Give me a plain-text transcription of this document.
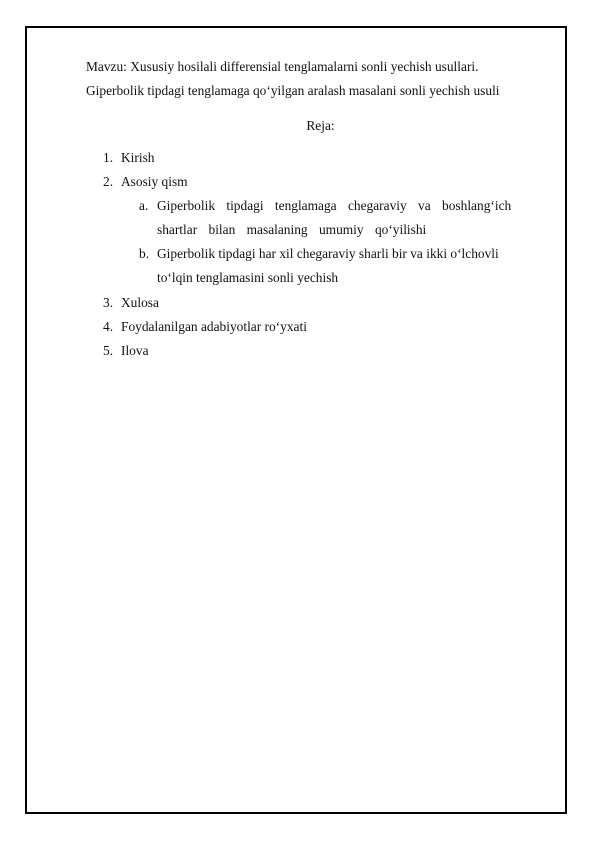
Mavzu: Xususiy hosilali differensial tenglamalarni sonli yechish usullari.
Giperbolik tipdagi tenglamaga qo‘yilgan aralash masalani sonli yechish usuli
Reja:
1. Kirish
2. Asosiy qism
a. Giperbolik tipdagi tenglamaga chegaraviy va boshlang‘ich
shartlar bilan masalaning umumiy qo‘yilishi
b. Giperbolik tipdagi har xil chegaraviy sharli bir va ikki o‘lchovli
to‘lqin tenglamasini sonli yechish
3. Xulosa
4. Foydalanilgan adabiyotlar ro‘yxati
5. Ilova
